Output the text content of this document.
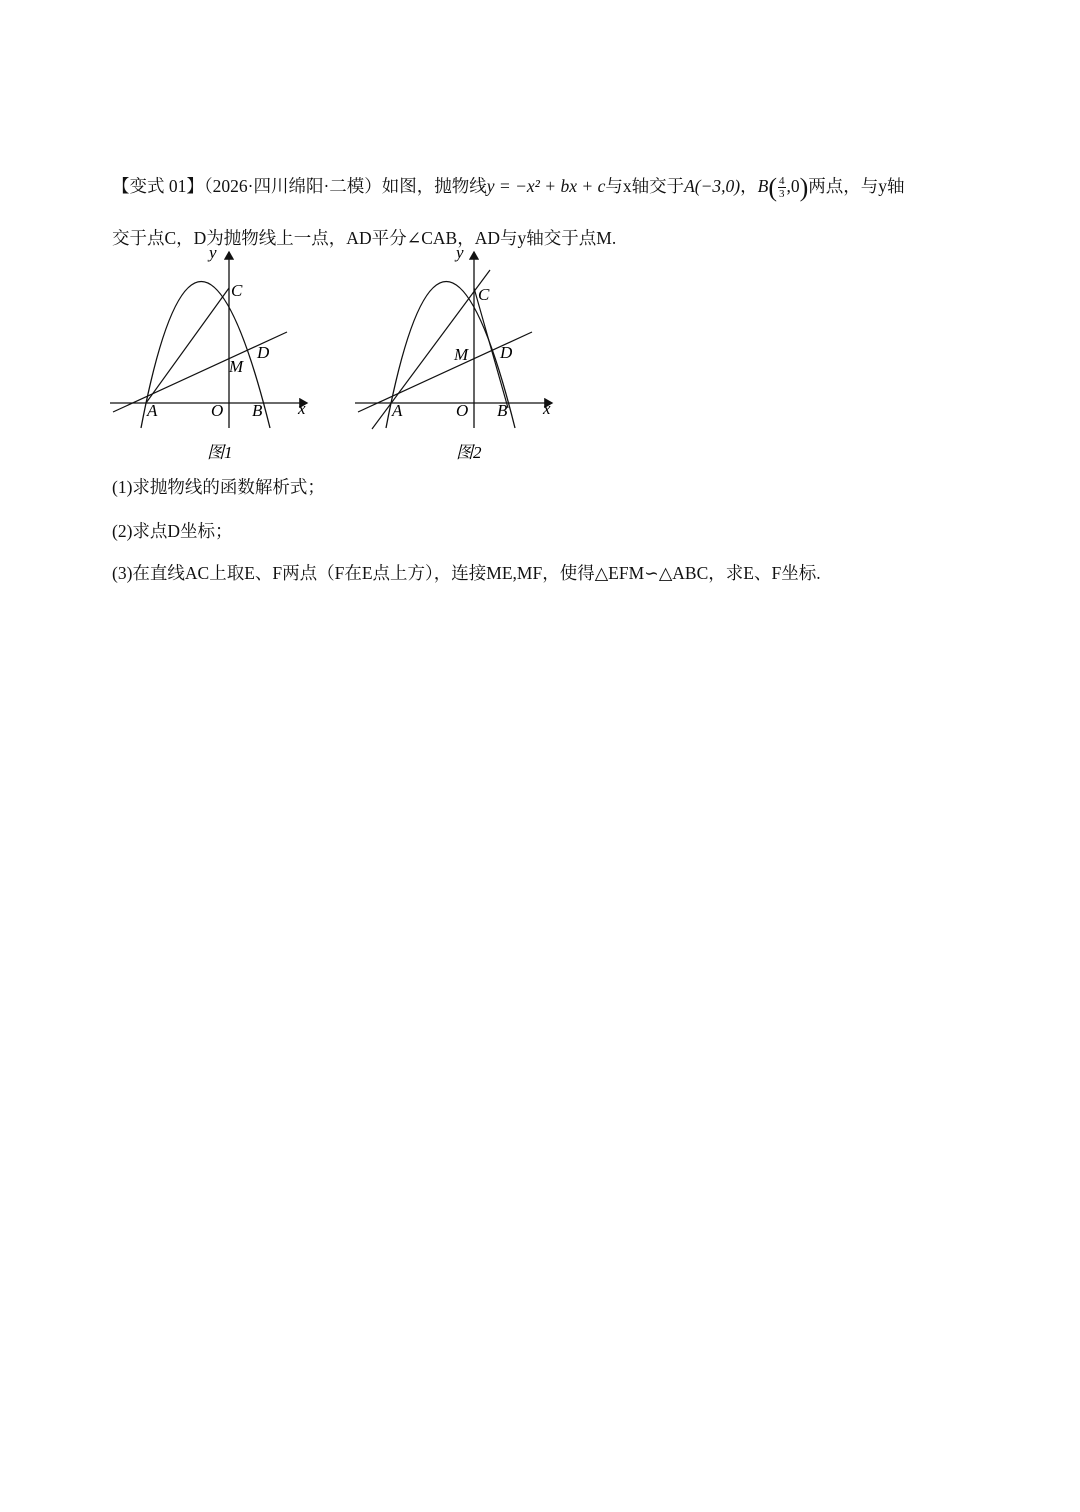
【变式 01】（2026·四川绵阳·二模）如图，抛物线y = −x² + bx + c与x轴交于A(−3,0)，$B( \frac{4}{3} ,0)$两点，与y轴
交于点C，D为抛物线上一点，AD平分∠CAB，AD与y轴交于点M.
y
x
A	O B
C
D
M
图1
y
x
A	O B
C
D
M
图2
(1)求抛物线的函数解析式；
(2)求点D坐标；
(3)在直线AC上取E、F两点（F在E点上方），连接ME,MF，使得△EFM∽△ABC，求E、F坐标.
